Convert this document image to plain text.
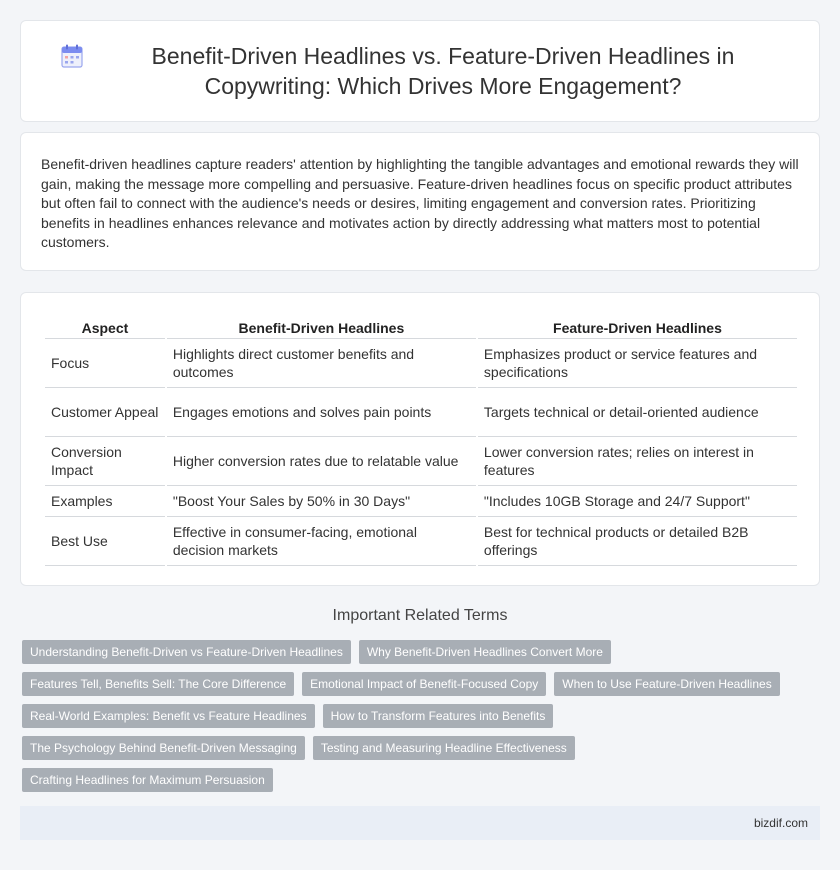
Benefit-Driven Headlines vs. Feature-Driven Headlines in Copywriting: Which Drives More Engagement?

Benefit-driven headlines capture readers' attention by highlighting the tangible advantages and emotional rewards they will gain, making the message more compelling and persuasive. Feature-driven headlines focus on specific product attributes but often fail to connect with the audience's needs or desires, limiting engagement and conversion rates. Prioritizing benefits in headlines enhances relevance and motivates action by directly addressing what matters most to potential customers.

Aspect	Benefit-Driven Headlines	Feature-Driven Headlines
Focus	Highlights direct customer benefits and outcomes	Emphasizes product or service features and specifications
Customer Appeal	Engages emotions and solves pain points	Targets technical or detail-oriented audience
Conversion Impact	Higher conversion rates due to relatable value	Lower conversion rates; relies on interest in features
Examples	"Boost Your Sales by 50% in 30 Days"	"Includes 10GB Storage and 24/7 Support"
Best Use	Effective in consumer-facing, emotional decision markets	Best for technical products or detailed B2B offerings
Important Related Terms
Understanding Benefit-Driven vs Feature-Driven Headlines	Why Benefit-Driven Headlines Convert More
Features Tell, Benefits Sell: The Core Difference	Emotional Impact of Benefit-Focused Copy	When to Use Feature-Driven Headlines
Real-World Examples: Benefit vs Feature Headlines	How to Transform Features into Benefits
The Psychology Behind Benefit-Driven Messaging	Testing and Measuring Headline Effectiveness
Crafting Headlines for Maximum Persuasion
bizdif.com
